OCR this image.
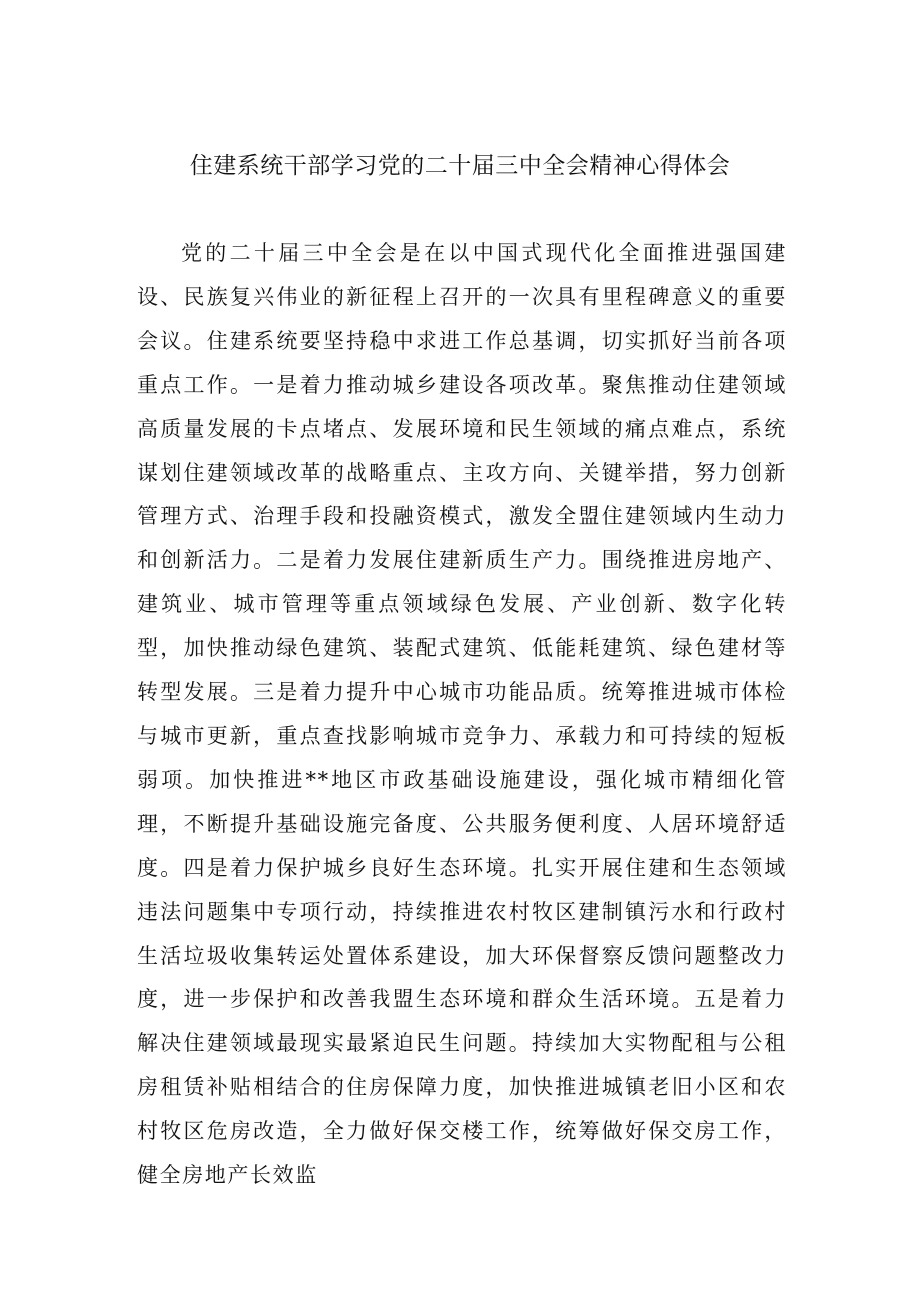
住建系统干部学习党的二十届三中全会精神心得体会

党的二十届三中全会是在以中国式现代化全面推进强国建设、民族复兴伟业的新征程上召开的一次具有里程碑意义的重要会议。住建系统要坚持稳中求进工作总基调，切实抓好当前各项重点工作。一是着力推动城乡建设各项改革。聚焦推动住建领域高质量发展的卡点堵点、发展环境和民生领域的痛点难点，系统谋划住建领域改革的战略重点、主攻方向、关键举措，努力创新管理方式、治理手段和投融资模式，激发全盟住建领域内生动力和创新活力。二是着力发展住建新质生产力。围绕推进房地产、建筑业、城市管理等重点领域绿色发展、产业创新、数字化转型，加快推动绿色建筑、装配式建筑、低能耗建筑、绿色建材等转型发展。三是着力提升中心城市功能品质。统筹推进城市体检与城市更新，重点查找影响城市竞争力、承载力和可持续的短板弱项。加快推进**地区市政基础设施建设，强化城市精细化管理，不断提升基础设施完备度、公共服务便利度、人居环境舒适度。四是着力保护城乡良好生态环境。扎实开展住建和生态领域违法问题集中专项行动，持续推进农村牧区建制镇污水和行政村生活垃圾收集转运处置体系建设，加大环保督察反馈问题整改力度，进一步保护和改善我盟生态环境和群众生活环境。五是着力解决住建领域最现实最紧迫民生问题。持续加大实物配租与公租房租赁补贴相结合的住房保障力度，加快推进城镇老旧小区和农村牧区危房改造，全力做好保交楼工作，统筹做好保交房工作，健全房地产长效监
